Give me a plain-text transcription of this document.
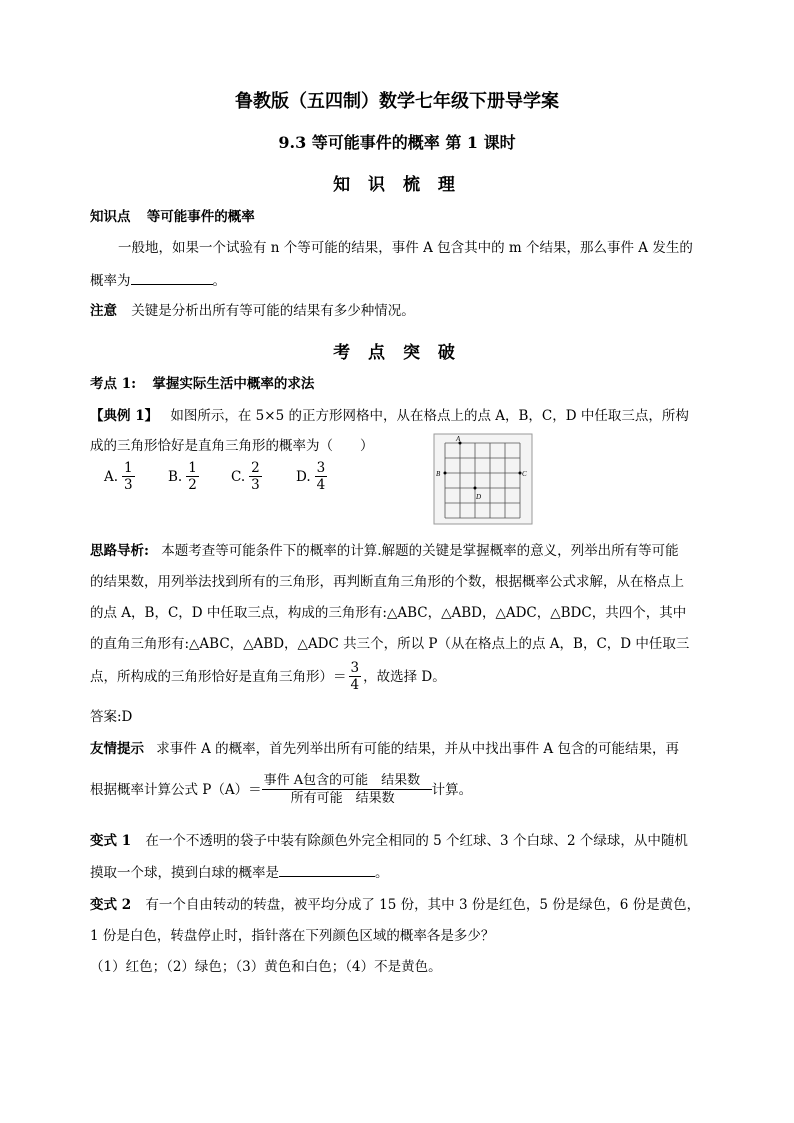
鲁教版（五四制）数学七年级下册导学案
9.3 等可能事件的概率 第 1 课时
知 识 梳 理
知识点 等可能事件的概率
一般地，如果一个试验有 n 个等可能的结果，事件 A 包含其中的 m 个结果，那么事件 A 发生的
概率为	。
注意 关键是分析出所有等可能的结果有多少种情况。
考 点 突 破
考点 1: 掌握实际生活中概率的求法
【典例 1】 如图所示，在 5×5 的正方形网格中，从在格点上的点 A，B，C，D 中任取三点，所构
成的三角形恰好是直角三角形的概率为（　　）
A. $\frac{1}{3} B$. $\frac{1}{2} C$. $\frac{2}{3}$	D. $\frac{3}{4}$
A
B	C
D
思路导析: 本题考查等可能条件下的概率的计算.解题的关键是掌握概率的意义，列举出所有等可能
的结果数，用列举法找到所有的三角形，再判断直角三角形的个数，根据概率公式求解，从在格点上
的点 A，B，C，D 中任取三点，构成的三角形有:△ABC，△ABD，△ADC，△BDC，共四个，其中
的直角三角形有:△ABC，△ABD，△ADC 共三个，所以 P（从在格点上的点 A，B，C，D 中任取三
点，所构成的三角形恰好是直角三角形）＝ $\frac{3}{4}$ ，故选择 D。
答案:D
友情提示 求事件 A 的概率，首先列举出所有可能的结果，并从中找出事件 A 包含的可能结果，再
根据概率计算公式 P（A）＝
事件 A包含的可能　结果数
所有可能　结果数
计算。
变式 1 在一个不透明的袋子中装有除颜色外完全相同的 5 个红球、3 个白球、2 个绿球，从中随机
摸取一个球，摸到白球的概率是	。
变式 2 有一个自由转动的转盘，被平均分成了 15 份，其中 3 份是红色，5 份是绿色，6 份是黄色，
1 份是白色，转盘停止时，指针落在下列颜色区域的概率各是多少？
（1）红色；（2）绿色；（3）黄色和白色；（4）不是黄色。
